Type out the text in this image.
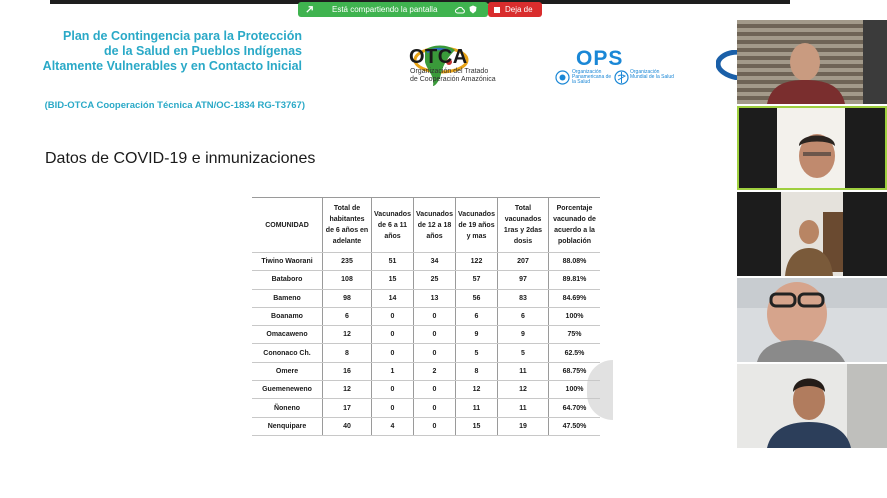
Está compartiendo la pantalla	Deja de
Plan de Contingencia para la Protección
de la Salud en Pueblos Indígenas
Altamente Vulnerables y en Contacto Inicial
(BID-OTCA Cooperación Técnica ATN/OC-1834 RG-T3767)
OTCA
Organización del Tratado
de Cooperación Amazónica
OPS
Organización Panamericana de la Salud
Organización Mundial de la Salud
Datos de COVID-19 e inmunizaciones
COMUNIDAD	Total de habitantes de 6 años en adelante	Vacunados de 6 a 11 años	Vacunados de 12 a 18 años	Vacunados de 19 años y mas	Total vacunados 1ras y 2das dosis	Porcentaje vacunado de acuerdo a la población
Tiwino Waorani	235	51	34	122	207	88.08%
Bataboro	108	15	25	57	97	89.81%
Bameno	98	14	13	56	83	84.69%
Boanamo	6	0	0	6	6	100%
Omacaweno	12	0	0	9	9	75%
Cononaco Ch.	8	0	0	5	5	62.5%
Omere	16	1	2	8	11	68.75%
Guemeneweno	12	0	0	12	12	100%
Ñoneno	17	0	0	11	11	64.70%
Nenquipare	40	4	0	15	19	47.50%
